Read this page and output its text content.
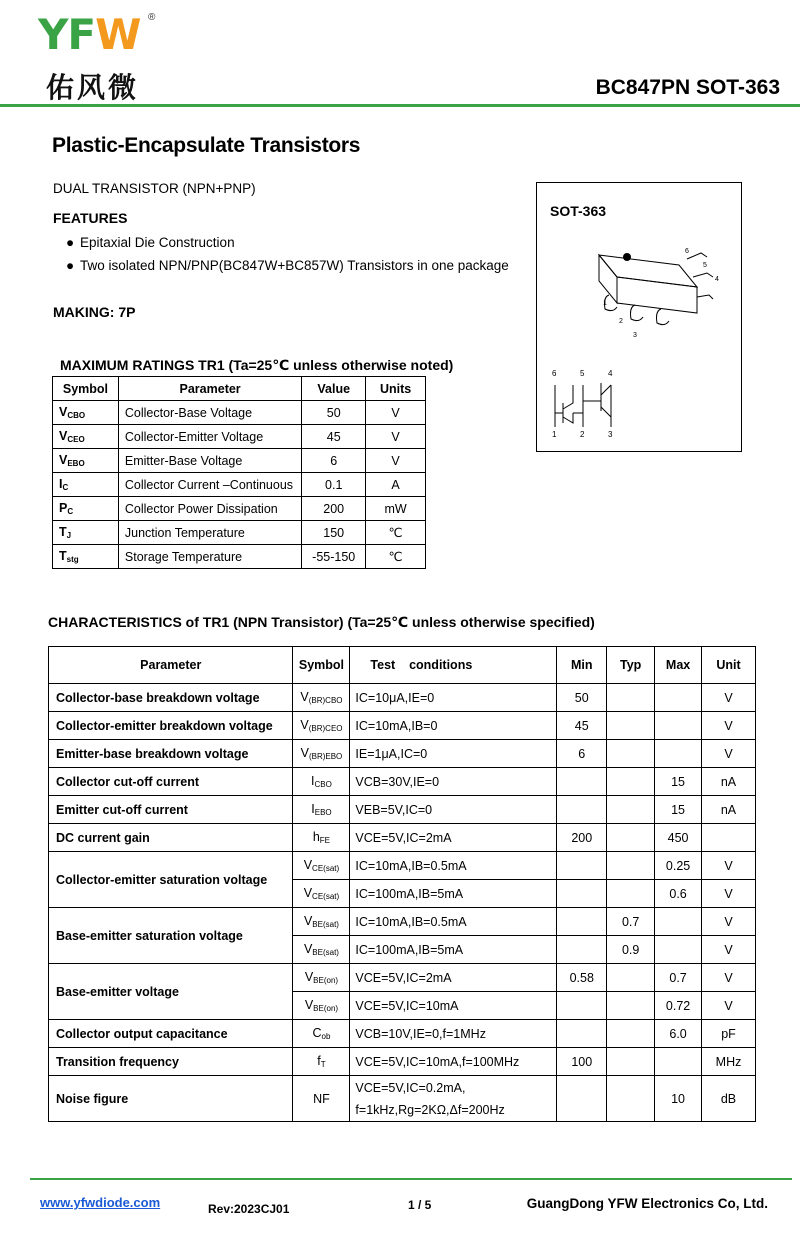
YFW ®
佑风微	BC847PN SOT-363
Plastic-Encapsulate Transistors
DUAL TRANSISTOR (NPN+PNP)
FEATURES
● Epitaxial Die Construction
● Two isolated NPN/PNP(BC847W+BC857W) Transistors in one package
MAKING: 7P
SOT-363
6
5
4
1
2
3
6	5	4
1	2	3
MAXIMUM RATINGS TR1 (Ta=25℃ unless otherwise noted)
Symbol	Parameter	Value	Units
$V_{CBO}$	Collector-Base Voltage	50	V
$V_{CEO}$	Collector-Emitter Voltage	45	V
$V_{EBO}$	Emitter-Base Voltage	6	V
$I_C$	Collector Current –Continuous	0.1	A
$P_C$	Collector Power Dissipation	200	mW
$T_J$	Junction Temperature	150	℃
$T_{stg}$	Storage Temperature	-55-150	℃
CHARACTERISTICS of TR1 (NPN Transistor) (Ta=25℃ unless otherwise specified)
Parameter	Symbol	Test    conditions	Min	Typ	Max	Unit
Collector-base breakdown voltage	$V_{(BR)CBO}$	IC=10μA,IE=0	50			V
Collector-emitter breakdown voltage	$V_{(BR)CEO}$	IC=10mA,IB=0	45			V
Emitter-base breakdown voltage	$V_{(BR)EBO}$	IE=1μA,IC=0	6			V
Collector cut-off current	$I_{CBO}$	VCB=30V,IE=0			15	nA
Emitter cut-off current	$I_{EBO}$	VEB=5V,IC=0			15	nA
DC current gain	$h_{FE}$	VCE=5V,IC=2mA	200		450	
Collector-emitter saturation voltage	$V_{CE(sat)}$	IC=10mA,IB=0.5mA			0.25	V
	$V_{CE(sat)}$	IC=100mA,IB=5mA			0.6	V
Base-emitter saturation voltage	$V_{BE(sat)}$	IC=10mA,IB=0.5mA		0.7		V
	$V_{BE(sat)}$	IC=100mA,IB=5mA		0.9		V
Base-emitter voltage	$V_{BE(on)}$	VCE=5V,IC=2mA	0.58		0.7	V
	$V_{BE(on)}$	VCE=5V,IC=10mA			0.72	V
Collector output capacitance	$C_{ob}$	VCB=10V,IE=0,f=1MHz			6.0	pF
Transition frequency	$f_T$	VCE=5V,IC=10mA,f=100MHz	100			MHz
Noise figure	NF	VCE=5V,IC=0.2mA,
f=1kHz,Rg=2KΩ,Δf=200Hz			10	dB
www.yfwdiode.com	Rev:2023CJ01	1 / 5	GuangDong YFW Electronics Co, Ltd.
